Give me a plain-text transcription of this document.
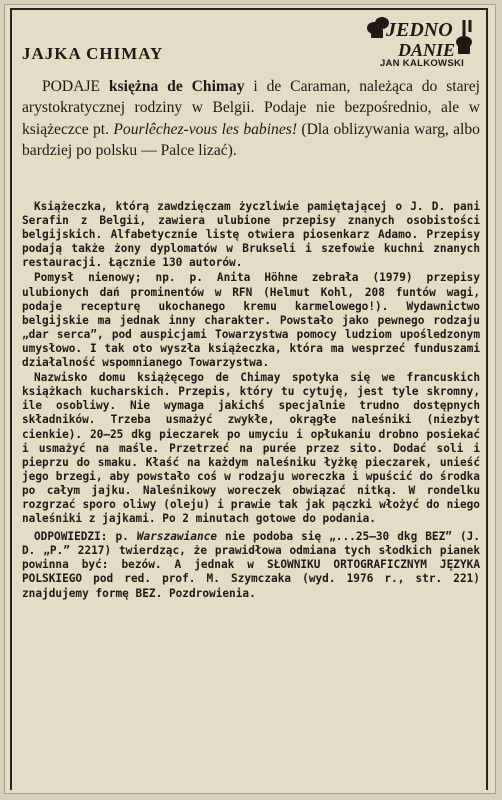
JAJKA CHIMAY
JEDNO
DANIE
JAN KALKOWSKI

PODAJE księżna de Chimay i de Caraman, należąca do starej arystokratycznej rodziny w Belgii. Podaje nie bezpośrednio, ale w książeczce pt. Pourlêchez-vous les babines! (Dla oblizywania warg, albo bardziej po polsku — Palce lizać).

Książeczka, którą zawdzięczam życzliwie pamiętającej o J. D. pani Serafin z Belgii, zawiera ulubione przepisy znanych osobistości belgijskich. Alfabetycznie listę otwiera piosenkarz Adamo. Przepisy podają także żony dyplomatów w Brukseli i szefowie kuchni znanych restauracji. Łącznie 130 autorów.

Pomysł nienowy; np. p. Anita Höhne zebrała (1979) przepisy ulubionych dań prominentów w RFN (Helmut Kohl, 208 funtów wagi, podaje recepturę ukochanego kremu karmelowego!). Wydawnictwo belgijskie ma jednak inny charakter. Powstało jako pewnego rodzaju „dar serca”, pod auspicjami Towarzystwa pomocy ludziom upośledzonym umysłowo. I tak oto wyszła książeczka, która ma wesprzeć funduszami działalność wspomnianego Towarzystwa.

Nazwisko domu książęcego de Chimay spotyka się we francuskich książkach kucharskich. Przepis, który tu cytuję, jest tyle skromny, ile osobliwy. Nie wymaga jakichś specjalnie trudno dostępnych składników. Trzeba usmażyć zwykłe, okrągłe naleśniki (niezbyt cienkie). 20—25 dkg pieczarek po umyciu i opłukaniu drobno posiekać i usmażyć na maśle. Przetrzeć na purée przez sito. Dodać soli i pieprzu do smaku. Kłaść na każdym naleśniku łyżkę pieczarek, unieść jego brzegi, aby powstało coś w rodzaju woreczka i wpuścić do środka po całym jajku. Naleśnikowy woreczek obwiązać nitką. W rondelku rozgrzać sporo oliwy (oleju) i prawie tak jak pączki włożyć do niego naleśniki z jajkami. Po 2 minutach gotowe do podania.

ODPOWIEDZI: p. Warszawiance nie podoba się „...25—30 dkg BEZ” (J. D. „P.” 2217) twierdząc, że prawidłowa odmiana tych słodkich pianek powinna być: bezów. A jednak w SŁOWNIKU ORTOGRAFICZNYM JĘZYKA POLSKIEGO pod red. prof. M. Szymczaka (wyd. 1976 r., str. 221) znajdujemy formę BEZ. Pozdrowienia.
